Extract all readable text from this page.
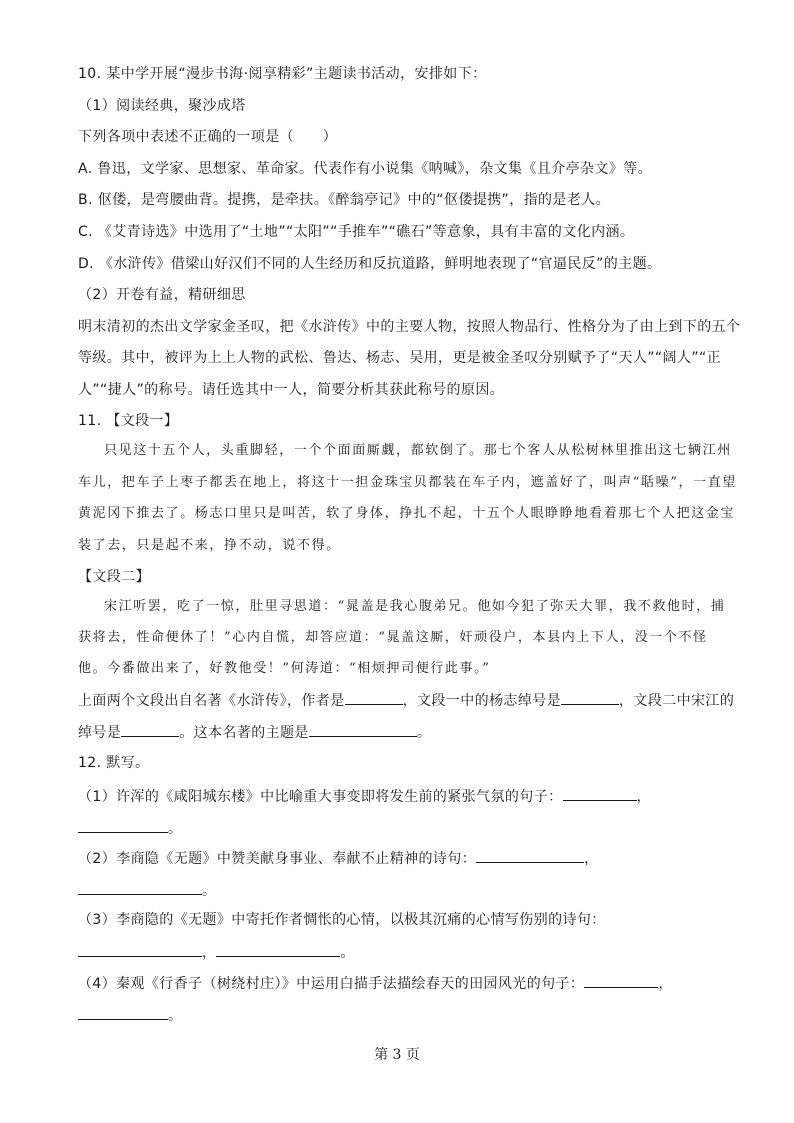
10. 某中学开展“漫步书海·阅享精彩”主题读书活动，安排如下：
（1）阅读经典，聚沙成塔
下列各项中表述不正确的一项是（　　）
A. 鲁迅，文学家、思想家、革命家。代表作有小说集《呐喊》，杂文集《且介亭杂文》等。
B. 伛偻，是弯腰曲背。提携，是牵扶。《醉翁亭记》中的“伛偻提携”，指的是老人。
C. 《艾青诗选》中选用了“土地”“太阳”“手推车”“礁石”等意象，具有丰富的文化内涵。
D. 《水浒传》借梁山好汉们不同的人生经历和反抗道路，鲜明地表现了“官逼民反”的主题。
（2）开卷有益，精研细思
明末清初的杰出文学家金圣叹，把《水浒传》中的主要人物，按照人物品行、性格分为了由上到下的五个
等级。其中，被评为上上人物的武松、鲁达、杨志、吴用，更是被金圣叹分别赋予了“天人”“阔人”“正
人”“捷人”的称号。请任选其中一人，简要分析其获此称号的原因。
11. 【文段一】
只见这十五个人，头重脚轻，一个个面面厮觑，都软倒了。那七个客人从松树林里推出这七辆江州
车儿，把车子上枣子都丢在地上，将这十一担金珠宝贝都装在车子内，遮盖好了，叫声“聒噪”，一直望
黄泥冈下推去了。杨志口里只是叫苦，软了身体，挣扎不起，十五个人眼睁睁地看着那七个人把这金宝
装了去，只是起不来，挣不动，说不得。
【文段二】
宋江听罢，吃了一惊，肚里寻思道：“晁盖是我心腹弟兄。他如今犯了弥天大罪，我不救他时，捕
获将去，性命便休了！”心内自慌，却答应道：“晁盖这厮，奸顽役户，本县内上下人，没一个不怪
他。今番做出来了，好教他受！”何涛道：“相烦押司便行此事。”
上面两个文段出自名著《水浒传》，作者是	，文段一中的杨志绰号是	，文段二中宋江的
绰号是	。这本名著的主题是	。
12. 默写。
（1）许浑的《咸阳城东楼》中比喻重大事变即将发生前的紧张气氛的句子：	，
。
（2）李商隐《无题》中赞美献身事业、奉献不止精神的诗句：	，
。
（3）李商隐的《无题》中寄托作者惆怅的心情，以极其沉痛的心情写伤别的诗句：
，	。
（4）秦观《行香子（树绕村庄）》中运用白描手法描绘春天的田园风光的句子：	，
。
第 3 页
